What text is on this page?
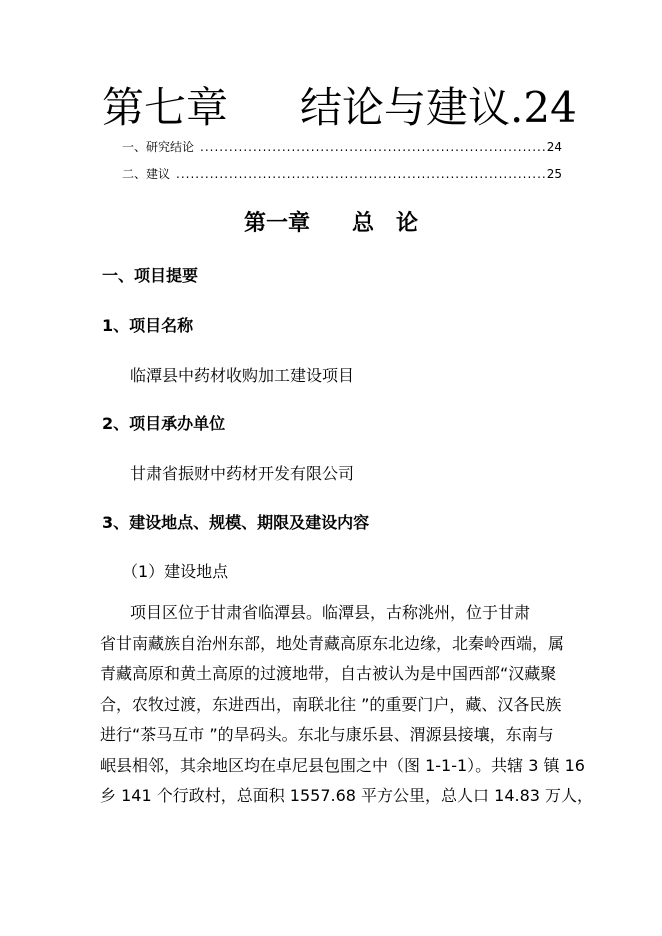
第七章 结论与建议.24
一、研究结论 .....	24
二、建议 .....	25
第一章 总 论
一、项目提要
1、项目名称
临潭县中药材收购加工建设项目
2、项目承办单位
甘肃省振财中药材开发有限公司
3、建设地点、规模、期限及建设内容
（1）建设地点
项目区位于甘肃省临潭县。临潭县，古称洮州，位于甘肃
省甘南藏族自治州东部，地处青藏高原东北边缘，北秦岭西端，属
青藏高原和黄土高原的过渡地带，自古被认为是中国西部“汉藏聚
合，农牧过渡，东进西出，南联北往 ”的重要门户，藏、汉各民族
进行“茶马互市 ”的旱码头。东北与康乐县、渭源县接壤，东南与
岷县相邻，其余地区均在卓尼县包围之中（图 1-1-1）。共辖 3 镇 16
乡 141 个行政村，总面积 1557.68 平方公里，总人口 14.83 万人，
